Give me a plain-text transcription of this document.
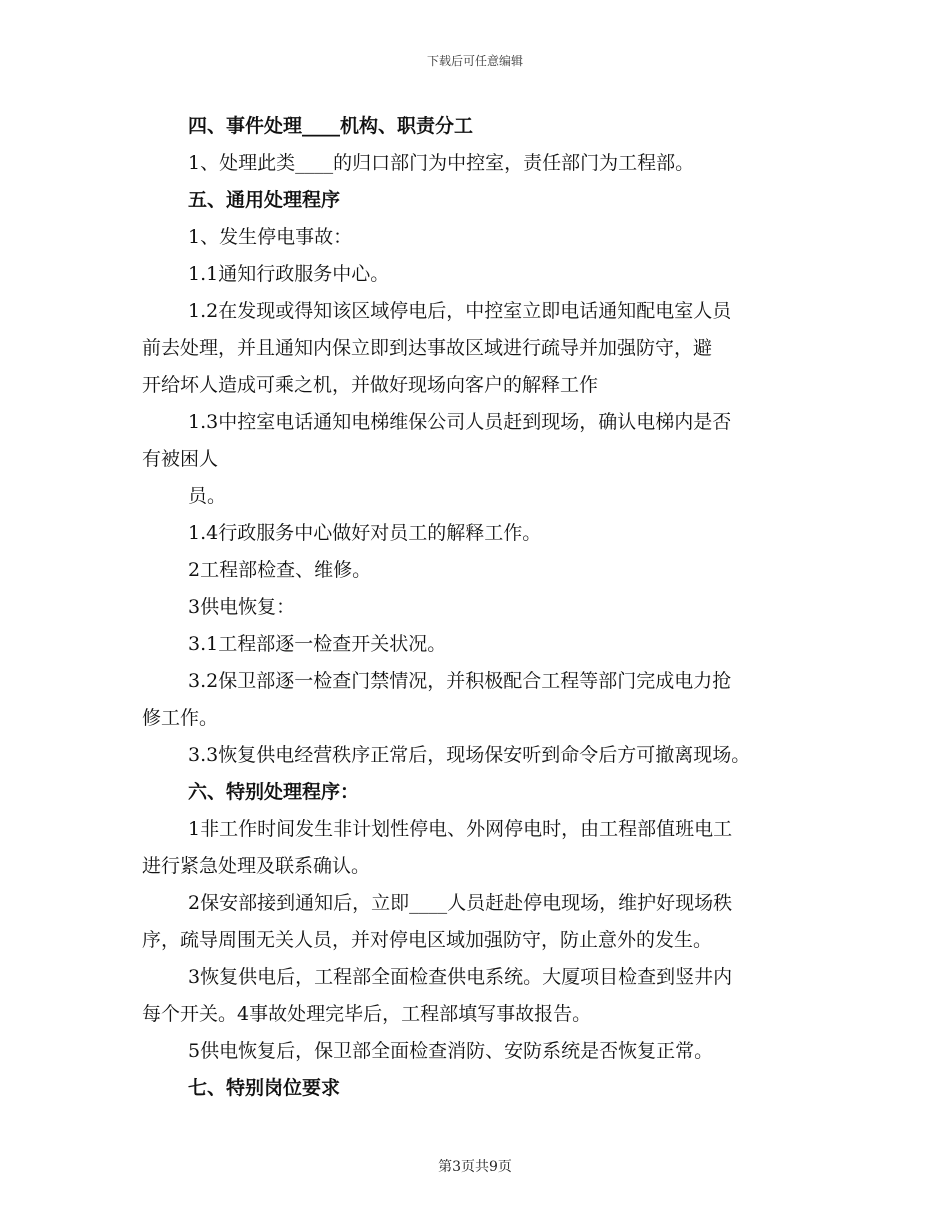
下载后可任意编辑
四、事件处理____机构、职责分工
1、处理此类____的归口部门为中控室，责任部门为工程部。
五、通用处理程序
1、发生停电事故：
1.1通知行政服务中心。
1.2在发现或得知该区域停电后，中控室立即电话通知配电室人员
前去处理，并且通知内保立即到达事故区域进行疏导并加强防守，避
开给坏人造成可乘之机，并做好现场向客户的解释工作
1.3中控室电话通知电梯维保公司人员赶到现场，确认电梯内是否
有被困人
员。
1.4行政服务中心做好对员工的解释工作。
2工程部检查、维修。
3供电恢复：
3.1工程部逐一检查开关状况。
3.2保卫部逐一检查门禁情况，并积极配合工程等部门完成电力抢
修工作。
3.3恢复供电经营秩序正常后，现场保安听到命令后方可撤离现场。
六、特别处理程序：
1非工作时间发生非计划性停电、外网停电时，由工程部值班电工
进行紧急处理及联系确认。
2保安部接到通知后，立即____人员赶赴停电现场，维护好现场秩
序，疏导周围无关人员，并对停电区域加强防守，防止意外的发生。
3恢复供电后，工程部全面检查供电系统。大厦项目检查到竖井内
每个开关。4事故处理完毕后，工程部填写事故报告。
5供电恢复后，保卫部全面检查消防、安防系统是否恢复正常。
七、特别岗位要求
第3页共9页
